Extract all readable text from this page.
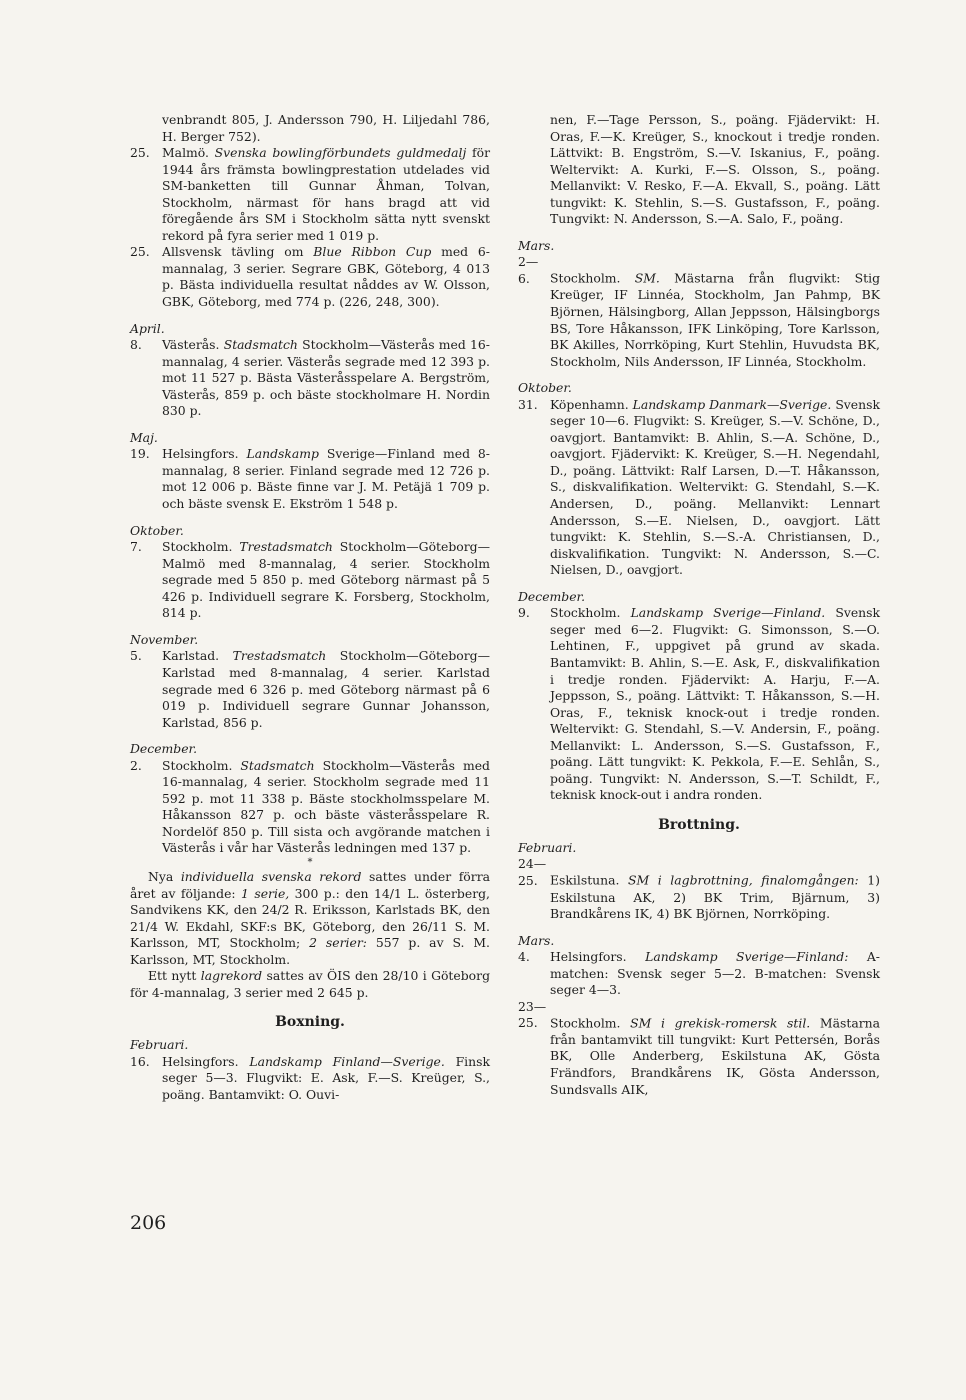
venbrandt 805, J. Andersson 790, H. Liljedahl 786, H. Berger 752).
25. Malmö. Svenska bowlingförbundets guldmedalj för 1944 års främsta bowlingprestation utdelades vid SM-banketten till Gunnar Åhman, Tolvan, Stockholm, närmast för hans bragd att vid föregående års SM i Stockholm sätta nytt svenskt rekord på fyra serier med 1 019 p.
25. Allsvensk tävling om Blue Ribbon Cup med 6-mannalag, 3 serier. Segrare GBK, Göteborg, 4 013 p. Bästa individuella resultat nåddes av W. Olsson, GBK, Göteborg, med 774 p. (226, 248, 300).
April.
8. Västerås. Stadsmatch Stockholm—Västerås med 16-mannalag, 4 serier. Västerås segrade med 12 393 p. mot 11 527 p. Bästa Västeråsspelare A. Bergström, Västerås, 859 p. och bäste stockholmare H. Nordin 830 p.
Maj.
19. Helsingfors. Landskamp Sverige—Finland med 8-mannalag, 8 serier. Finland segrade med 12 726 p. mot 12 006 p. Bäste finne var J. M. Petäjä 1 709 p. och bäste svensk E. Ekström 1 548 p.
Oktober.
7. Stockholm. Trestadsmatch Stockholm—Göteborg—Malmö med 8-mannalag, 4 serier. Stockholm segrade med 5 850 p. med Göteborg närmast på 5 426 p. Individuell segrare K. Forsberg, Stockholm, 814 p.
November.
5. Karlstad. Trestadsmatch Stockholm—Göteborg—Karlstad med 8-mannalag, 4 serier. Karlstad segrade med 6 326 p. med Göteborg närmast på 6 019 p. Individuell segrare Gunnar Johansson, Karlstad, 856 p.
December.
2. Stockholm. Stadsmatch Stockholm—Västerås med 16-mannalag, 4 serier. Stockholm segrade med 11 592 p. mot 11 338 p. Bäste stockholmsspelare M. Håkansson 827 p. och bäste västeråsspelare R. Nordelöf 850 p. Till sista och avgörande matchen i Västerås i vår har Västerås ledningen med 137 p.
*
Nya individuella svenska rekord sattes under förra året av följande: 1 serie, 300 p.: den 14/1 L. österberg, Sandvikens KK, den 24/2 R. Eriksson, Karlstads BK, den 21/4 W. Ekdahl, SKF:s BK, Göteborg, den 26/11 S. M. Karlsson, MT, Stockholm; 2 serier: 557 p. av S. M. Karlsson, MT, Stockholm.
Ett nytt lagrekord sattes av ÖIS den 28/10 i Göteborg för 4-mannalag, 3 serier med 2 645 p.
Boxning.
Februari.
16. Helsingfors. Landskamp Finland—Sverige. Finsk seger 5—3. Flugvikt: E. Ask, F.—S. Kreüger, S., poäng. Bantamvikt: O. Ouvi-
nen, F.—Tage Persson, S., poäng. Fjädervikt: H. Oras, F.—K. Kreüger, S., knockout i tredje ronden. Lättvikt: B. Engström, S.—V. Iskanius, F., poäng. Weltervikt: A. Kurki, F.—S. Olsson, S., poäng. Mellanvikt: V. Resko, F.—A. Ekvall, S., poäng. Lätt tungvikt: K. Stehlin, S.—S. Gustafsson, F., poäng. Tungvikt: N. Andersson, S.—A. Salo, F., poäng.
Mars.
2—6. Stockholm. SM. Mästarna från flugvikt: Stig Kreüger, IF Linnéa, Stockholm, Jan Pahmp, BK Björnen, Hälsingborg, Allan Jeppsson, Hälsingborgs BS, Tore Håkansson, IFK Linköping, Tore Karlsson, BK Akilles, Norrköping, Kurt Stehlin, Huvudsta BK, Stockholm, Nils Andersson, IF Linnéa, Stockholm.
Oktober.
31. Köpenhamn. Landskamp Danmark—Sverige. Svensk seger 10—6. Flugvikt: S. Kreüger, S.—V. Schöne, D., oavgjort. Bantamvikt: B. Ahlin, S.—A. Schöne, D., oavgjort. Fjädervikt: K. Kreüger, S.—H. Negendahl, D., poäng. Lättvikt: Ralf Larsen, D.—T. Håkansson, S., diskvalifikation. Weltervikt: G. Stendahl, S.—K. Andersen, D., poäng. Mellanvikt: Lennart Andersson, S.—E. Nielsen, D., oavgjort. Lätt tungvikt: K. Stehlin, S.—S.-A. Christiansen, D., diskvalifikation. Tungvikt: N. Andersson, S.—C. Nielsen, D., oavgjort.
December.
9. Stockholm. Landskamp Sverige—Finland. Svensk seger med 6—2. Flugvikt: G. Simonsson, S.—O. Lehtinen, F., uppgivet på grund av skada. Bantamvikt: B. Ahlin, S.—E. Ask, F., diskvalifikation i tredje ronden. Fjädervikt: A. Harju, F.—A. Jeppsson, S., poäng. Lättvikt: T. Håkansson, S.—H. Oras, F., teknisk knock-out i tredje ronden. Weltervikt: G. Stendahl, S.—V. Andersin, F., poäng. Mellanvikt: L. Andersson, S.—S. Gustafsson, F., poäng. Lätt tungvikt: K. Pekkola, F.—E. Sehlån, S., poäng. Tungvikt: N. Andersson, S.—T. Schildt, F., teknisk knock-out i andra ronden.
Brottning.
Februari.
24—25. Eskilstuna. SM i lagbrottning, finalomgången: 1) Eskilstuna AK, 2) BK Trim, Bjärnum, 3) Brandkårens IK, 4) BK Björnen, Norrköping.
Mars.
4. Helsingfors. Landskamp Sverige—Finland: A-matchen: Svensk seger 5—2. B-matchen: Svensk seger 4—3.
23—25. Stockholm. SM i grekisk-romersk stil. Mästarna från bantamvikt till tungvikt: Kurt Pettersén, Borås BK, Olle Anderberg, Eskilstuna AK, Gösta Frändfors, Brandkårens IK, Gösta Andersson, Sundsvalls AIK,
206
